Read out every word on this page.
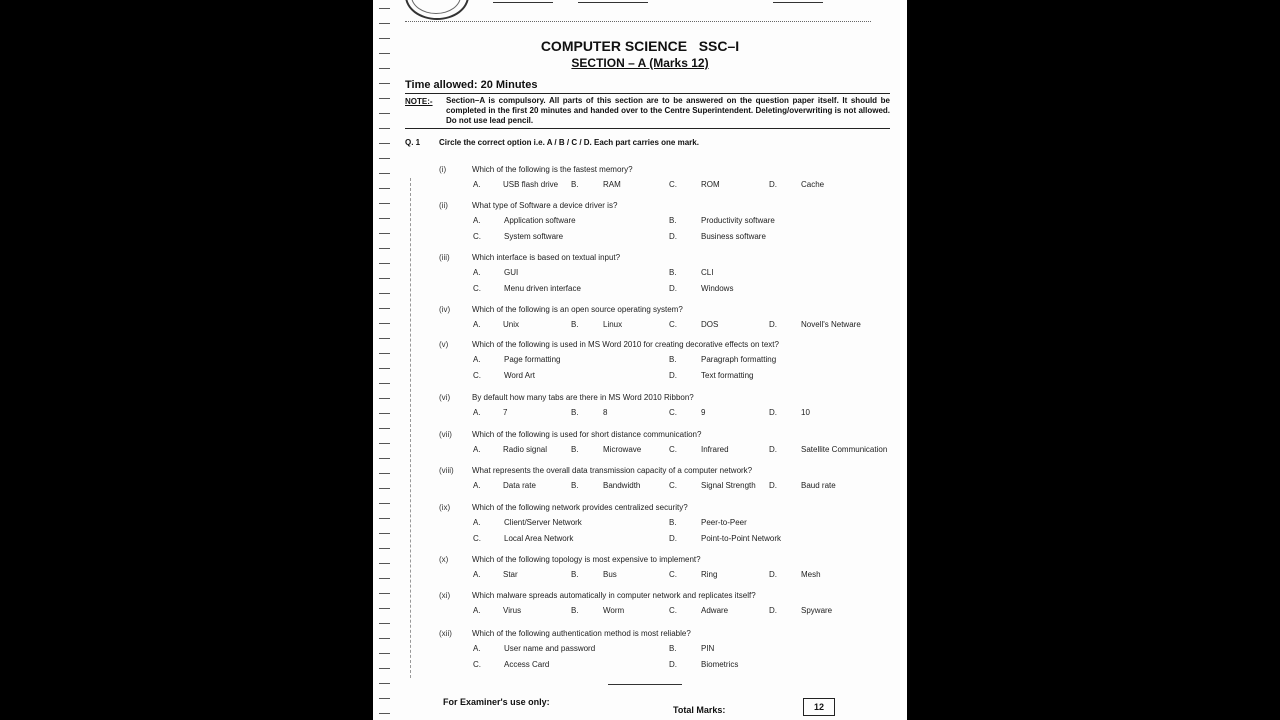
COMPUTER SCIENCE SSC–I
SECTION – A (Marks 12)
Time allowed: 20 Minutes
NOTE:- Section–A is compulsory. All parts of this section are to be answered on the question paper itself. It should be completed in the first 20 minutes and handed over to the Centre Superintendent. Deleting/overwriting is not allowed. Do not use lead pencil.
Q. 1 Circle the correct option i.e. A / B / C / D. Each part carries one mark.
(i)	Which of the following is the fastest memory?
A.	USB flash drive B.	RAM	C.	ROM	D.	Cache
(ii)	What type of Software a device driver is?
A.	Application software	B.	Productivity software
C.	System software	D.	Business software
(iii)	Which interface is based on textual input?
A.	GUI	B.	CLI
C.	Menu driven interface	D.	Windows
(iv)	Which of the following is an open source operating system?
A.	Unix	B.	Linux	C.	DOS	D.	Novell's Netware
(v)	Which of the following is used in MS Word 2010 for creating decorative effects on text?
A.	Page formatting	B.	Paragraph formatting
C.	Word Art	D.	Text formatting
(vi)	By default how many tabs are there in MS Word 2010 Ribbon?
A.	7	B.	8	C.	9	D.	10
(vii)	Which of the following is used for short distance communication?
A.	Radio signal	B.	Microwave	C.	Infrared	D.	Satellite Communication
(viii) What represents the overall data transmission capacity of a computer network?
A.	Data rate	B.	Bandwidth	C.	Signal Strength D.	Baud rate
(ix)	Which of the following network provides centralized security?
A.	Client/Server Network	B.	Peer-to-Peer
C.	Local Area Network	D.	Point-to-Point Network
(x)	Which of the following topology is most expensive to implement?
A.	Star	B.	Bus	C.	Ring	D.	Mesh
(xi)	Which malware spreads automatically in computer network and replicates itself?
A.	Virus	B.	Worm	C.	Adware	D.	Spyware
(xii)	Which of the following authentication method is most reliable?
A.	User name and password	B.	PIN
C.	Access Card	D.	Biometrics
For Examiner's use only:
Total Marks:	12
